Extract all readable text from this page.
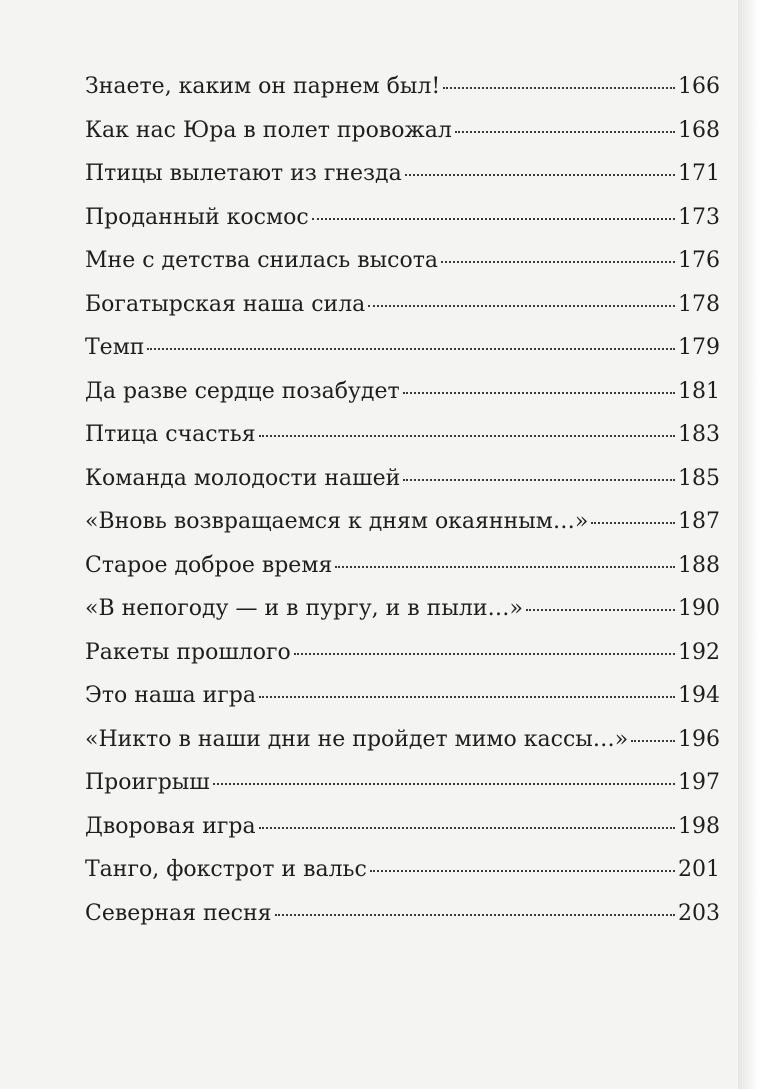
Знаете, каким он парнем был!	166
Как нас Юра в полет провожал	168
Птицы вылетают из гнезда	171
Проданный космос	173
Мне с детства снилась высота	176
Богатырская наша сила	178
Темп	179
Да разве сердце позабудет	181
Птица счастья	183
Команда молодости нашей	185
«Вновь возвращаемся к дням окаянным…»	187
Старое доброе время	188
«В непогоду — и в пургу, и в пыли…»	190
Ракеты прошлого	192
Это наша игра	194
«Никто в наши дни не пройдет мимо кассы…» 196
Проигрыш	197
Дворовая игра	198
Танго, фокстрот и вальс	201
Северная песня	203
